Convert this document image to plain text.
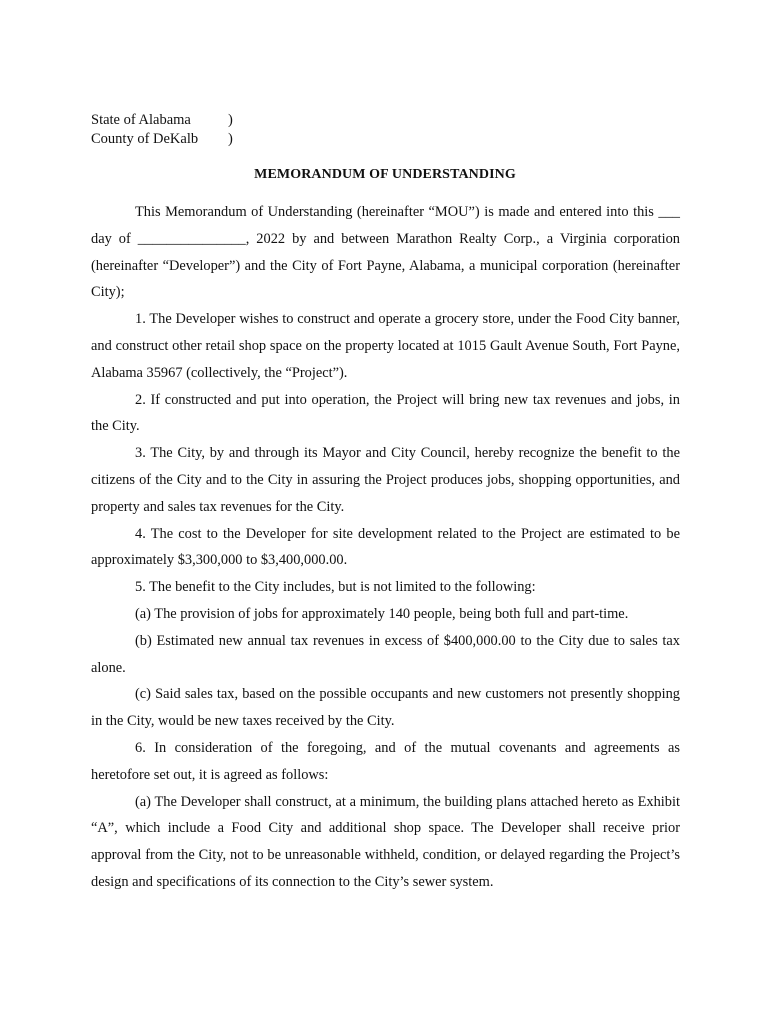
State of Alabama	)
County of DeKalb	)
MEMORANDUM OF UNDERSTANDING

This Memorandum of Understanding (hereinafter “MOU”) is made and entered into this ___ day of _______________, 2022 by and between Marathon Realty Corp., a Virginia corporation (hereinafter “Developer”) and the City of Fort Payne, Alabama, a municipal corporation (hereinafter City);

1. The Developer wishes to construct and operate a grocery store, under the Food City banner, and construct other retail shop space on the property located at 1015 Gault Avenue South, Fort Payne, Alabama 35967 (collectively, the “Project”).

2. If constructed and put into operation, the Project will bring new tax revenues and jobs, in the City.

3. The City, by and through its Mayor and City Council, hereby recognize the benefit to the citizens of the City and to the City in assuring the Project produces jobs, shopping opportunities, and property and sales tax revenues for the City.

4. The cost to the Developer for site development related to the Project are estimated to be approximately $3,300,000 to $3,400,000.00.

5. The benefit to the City includes, but is not limited to the following:

(a) The provision of jobs for approximately 140 people, being both full and part-time.

(b) Estimated new annual tax revenues in excess of $400,000.00 to the City due to sales tax alone.

(c) Said sales tax, based on the possible occupants and new customers not presently shopping in the City, would be new taxes received by the City.

6. In consideration of the foregoing, and of the mutual covenants and agreements as heretofore set out, it is agreed as follows:

(a) The Developer shall construct, at a minimum, the building plans attached hereto as Exhibit “A”, which include a Food City and additional shop space. The Developer shall receive prior approval from the City, not to be unreasonable withheld, condition, or delayed regarding the Project’s design and specifications of its connection to the City’s sewer system.
